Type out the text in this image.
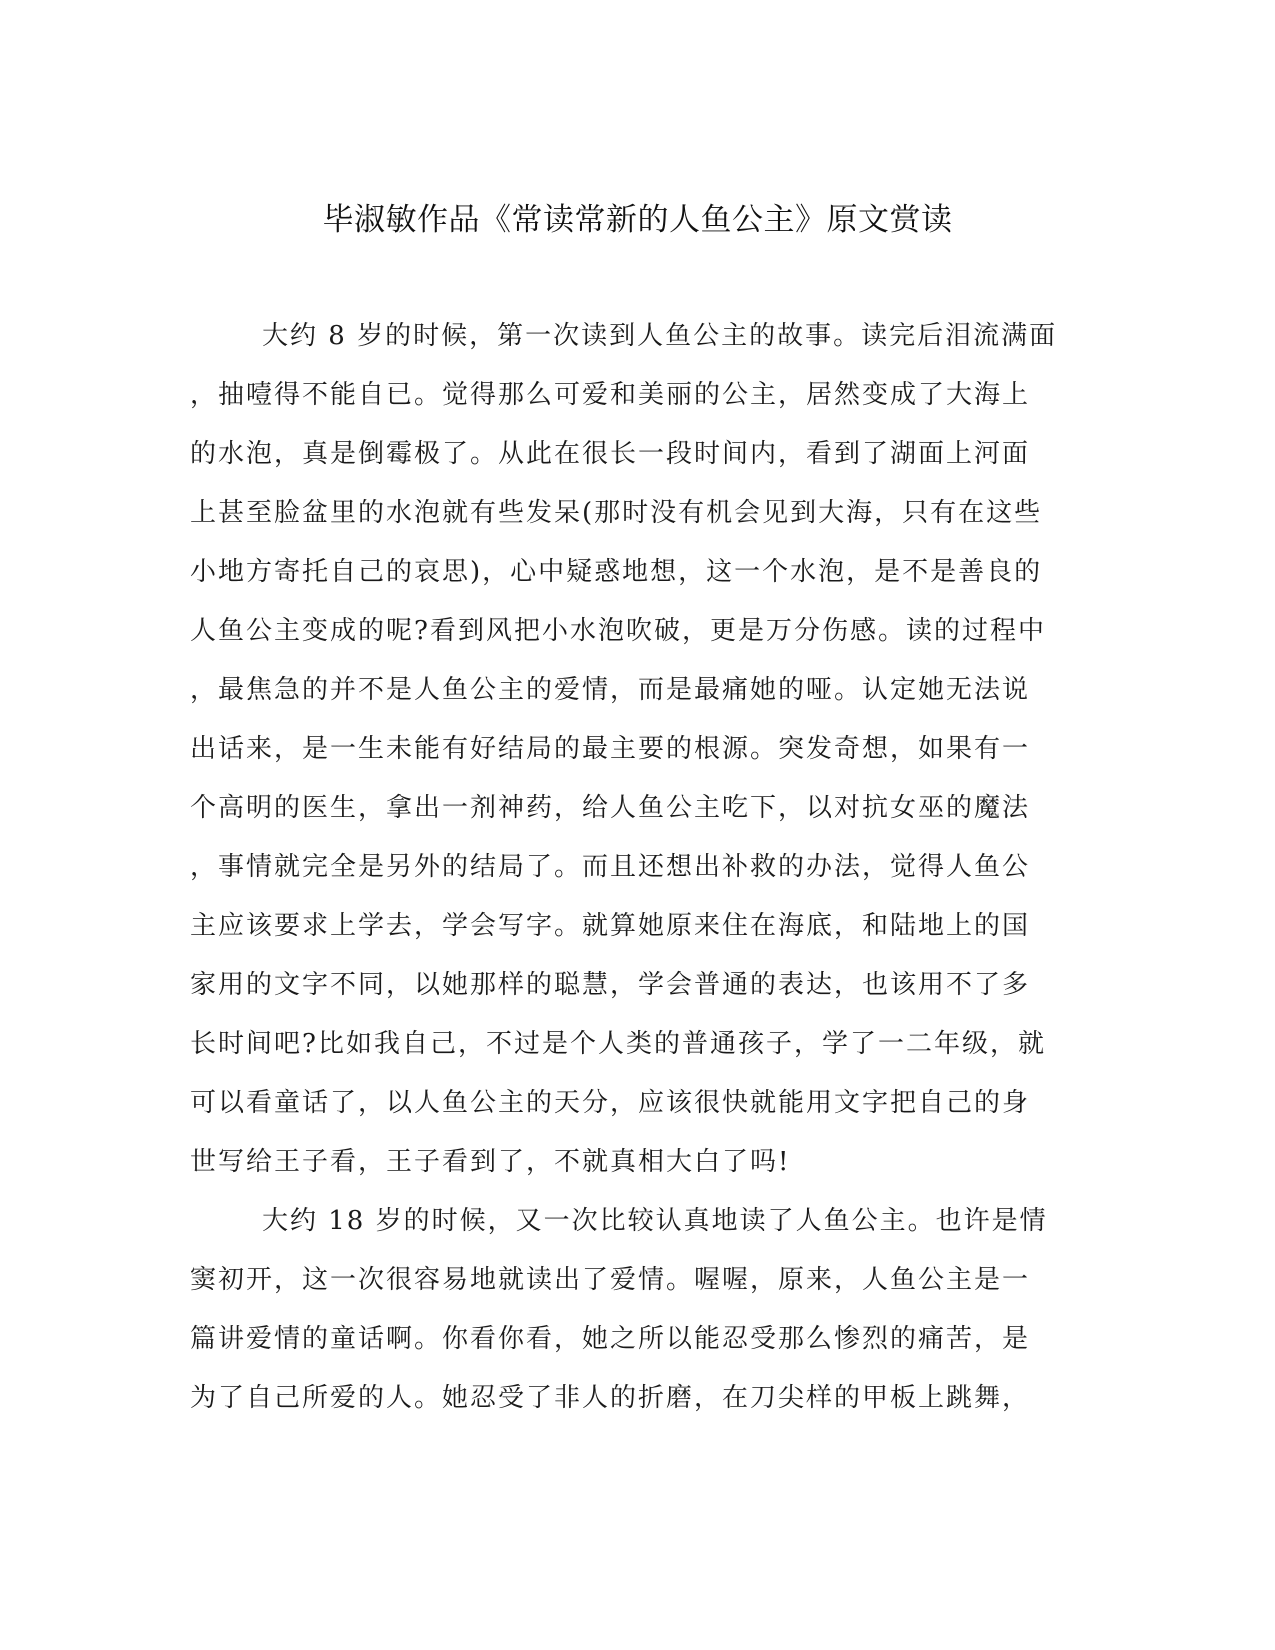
毕淑敏作品《常读常新的人鱼公主》原文赏读
大约 8 岁的时候，第一次读到人鱼公主的故事。读完后泪流满面
，抽噎得不能自已。觉得那么可爱和美丽的公主，居然变成了大海上
的水泡，真是倒霉极了。从此在很长一段时间内，看到了湖面上河面
上甚至脸盆里的水泡就有些发呆(那时没有机会见到大海，只有在这些
小地方寄托自己的哀思)，心中疑惑地想，这一个水泡，是不是善良的
人鱼公主变成的呢?看到风把小水泡吹破，更是万分伤感。读的过程中
，最焦急的并不是人鱼公主的爱情，而是最痛她的哑。认定她无法说
出话来，是一生未能有好结局的最主要的根源。突发奇想，如果有一
个高明的医生，拿出一剂神药，给人鱼公主吃下，以对抗女巫的魔法
，事情就完全是另外的结局了。而且还想出补救的办法，觉得人鱼公
主应该要求上学去，学会写字。就算她原来住在海底，和陆地上的国
家用的文字不同，以她那样的聪慧，学会普通的表达，也该用不了多
长时间吧?比如我自己，不过是个人类的普通孩子，学了一二年级，就
可以看童话了，以人鱼公主的天分，应该很快就能用文字把自己的身
世写给王子看，王子看到了，不就真相大白了吗!
大约 18 岁的时候，又一次比较认真地读了人鱼公主。也许是情
窦初开，这一次很容易地就读出了爱情。喔喔，原来，人鱼公主是一
篇讲爱情的童话啊。你看你看，她之所以能忍受那么惨烈的痛苦，是
为了自己所爱的人。她忍受了非人的折磨，在刀尖样的甲板上跳舞，
